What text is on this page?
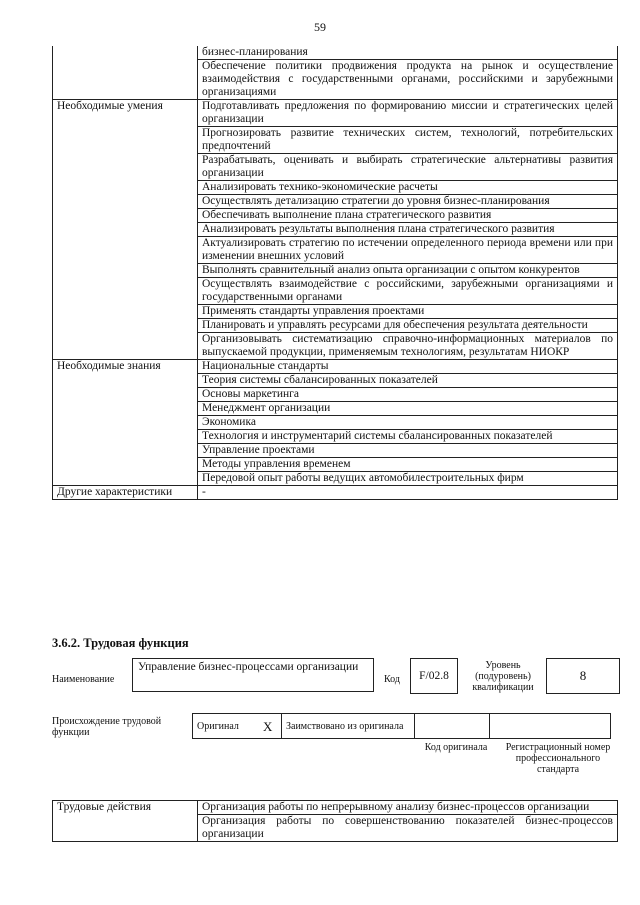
59
	бизнес-планирования
	Обеспечение политики продвижения продукта на рынок и осуществление взаимодействия с государственными органами, российскими и зарубежными организациями
Необходимые умения	Подготавливать предложения по формированию миссии и стратегических целей организации
	Прогнозировать развитие технических систем, технологий, потребительских предпочтений
	Разрабатывать, оценивать и выбирать стратегические альтернативы развития организации
	Анализировать технико-экономические расчеты
	Осуществлять детализацию стратегии до уровня бизнес-планирования
	Обеспечивать выполнение плана стратегического развития
	Анализировать результаты выполнения плана стратегического развития
	Актуализировать стратегию по истечении определенного периода времени или при изменении внешних условий
	Выполнять сравнительный анализ опыта организации с опытом конкурентов
	Осуществлять взаимодействие с российскими, зарубежными организациями и государственными органами
	Применять стандарты управления проектами
	Планировать и управлять ресурсами для обеспечения результата деятельности
	Организовывать систематизацию справочно-информационных материалов по выпускаемой продукции, применяемым технологиям, результатам НИОКР
Необходимые знания	Национальные стандарты
	Теория системы сбалансированных показателей
	Основы маркетинга
	Менеджмент организации
	Экономика
	Технология и инструментарий системы сбалансированных показателей
	Управление проектами
	Методы управления временем
	Передовой опыт работы ведущих автомобилестроительных фирм
Другие характеристики	-
3.6.2. Трудовая функция
Наименование
Управление бизнес-процессами организации
Код	F/02.8
Уровень (подуровень) квалификации
8
Происхождение трудовой функции
Оригинал	X	Заимствовано из оригинала		
Код оригинала	Регистрационный номер профессионального стандарта
Трудовые действия	Организация работы по непрерывному анализу бизнес-процессов организации
Организация работы по совершенствованию показателей бизнес-процессов организации
